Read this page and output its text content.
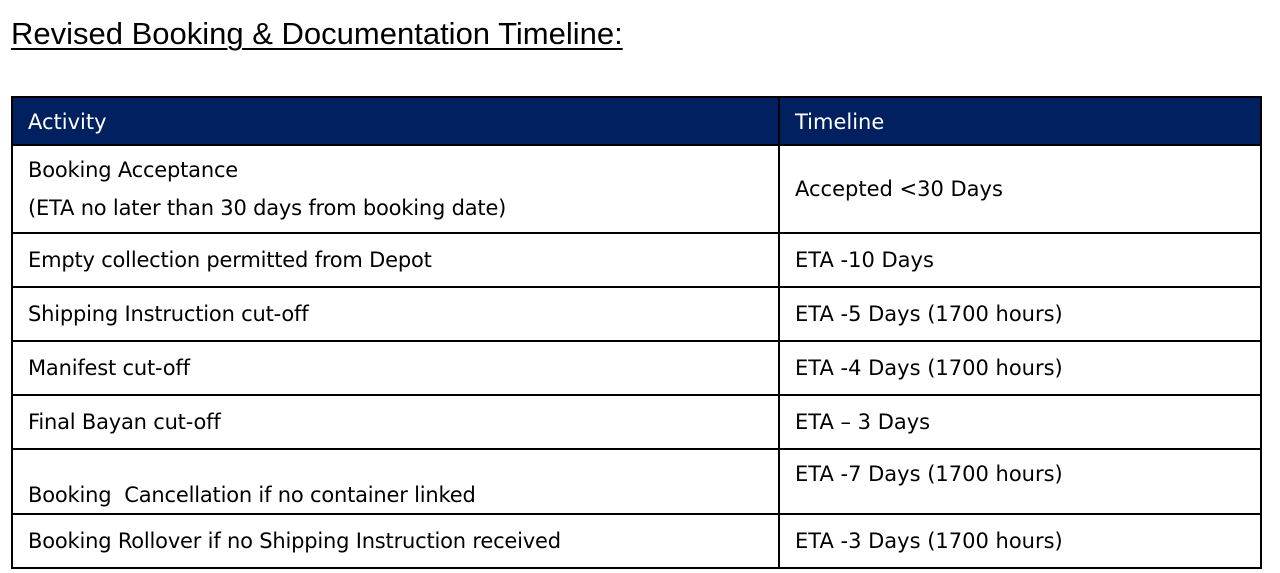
Revised Booking & Documentation Timeline:
Activity	Timeline

Booking Acceptance
(ETA no later than 30 days from booking date)	Accepted <30 Days
Empty collection permitted from Depot	ETA -10 Days
Shipping Instruction cut-off	ETA -5 Days (1700 hours)
Manifest cut-off	ETA -4 Days (1700 hours)
Final Bayan cut-off	ETA – 3 Days
Booking  Cancellation if no container linked	ETA -7 Days (1700 hours)
Booking Rollover if no Shipping Instruction received	ETA -3 Days (1700 hours)
